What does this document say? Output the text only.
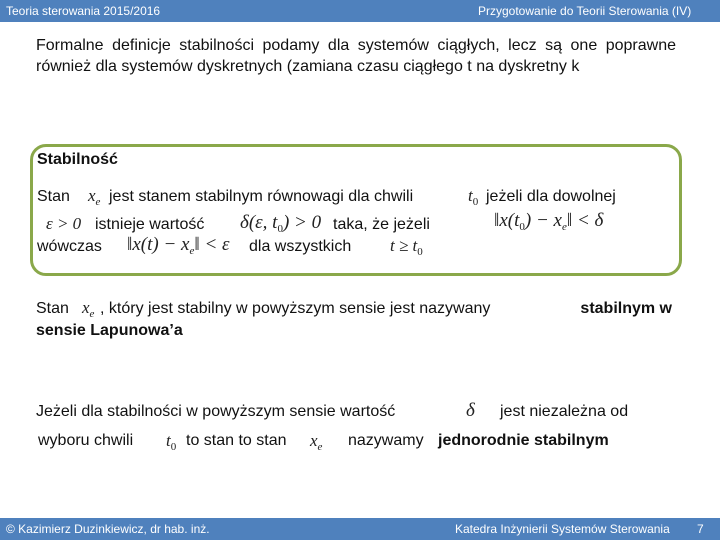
Teoria sterowania 2015/2016	Przygotowanie do Teorii Sterowania (IV)
Formalne definicje stabilności podamy dla systemów ciągłych, lecz są one poprawne również dla systemów dyskretnych (zamiana czasu ciągłego t na dyskretny k
Stabilność
Stan $x_e$ jest stanem stabilnym równowagi dla chwili	$t_0$ jeżeli dla dowolnej
ε > 0 istnieje wartość δ(ε, $t_0) > 0$ taka, że jeżeli	$‖x(t_0)$ − $x_e‖ < \delta$
wówczas ‖x(t) − $x_e‖ < \varepsilon$ dla wszystkich $t \ge t_0$
Stan $x_e$ , który jest stabilny w powyższym sensie jest nazywany	stabilnym w
sensie Lapunowa’a
Jeżeli dla stabilności w powyższym sensie wartość	δ jest niezależna od
wyboru chwili $t_0$ to stan to stan $x_e$ nazywamy jednorodnie stabilnym
© Kazimierz Duzinkiewicz, dr hab. inż.	Katedra Inżynierii Systemów Sterowania 7
